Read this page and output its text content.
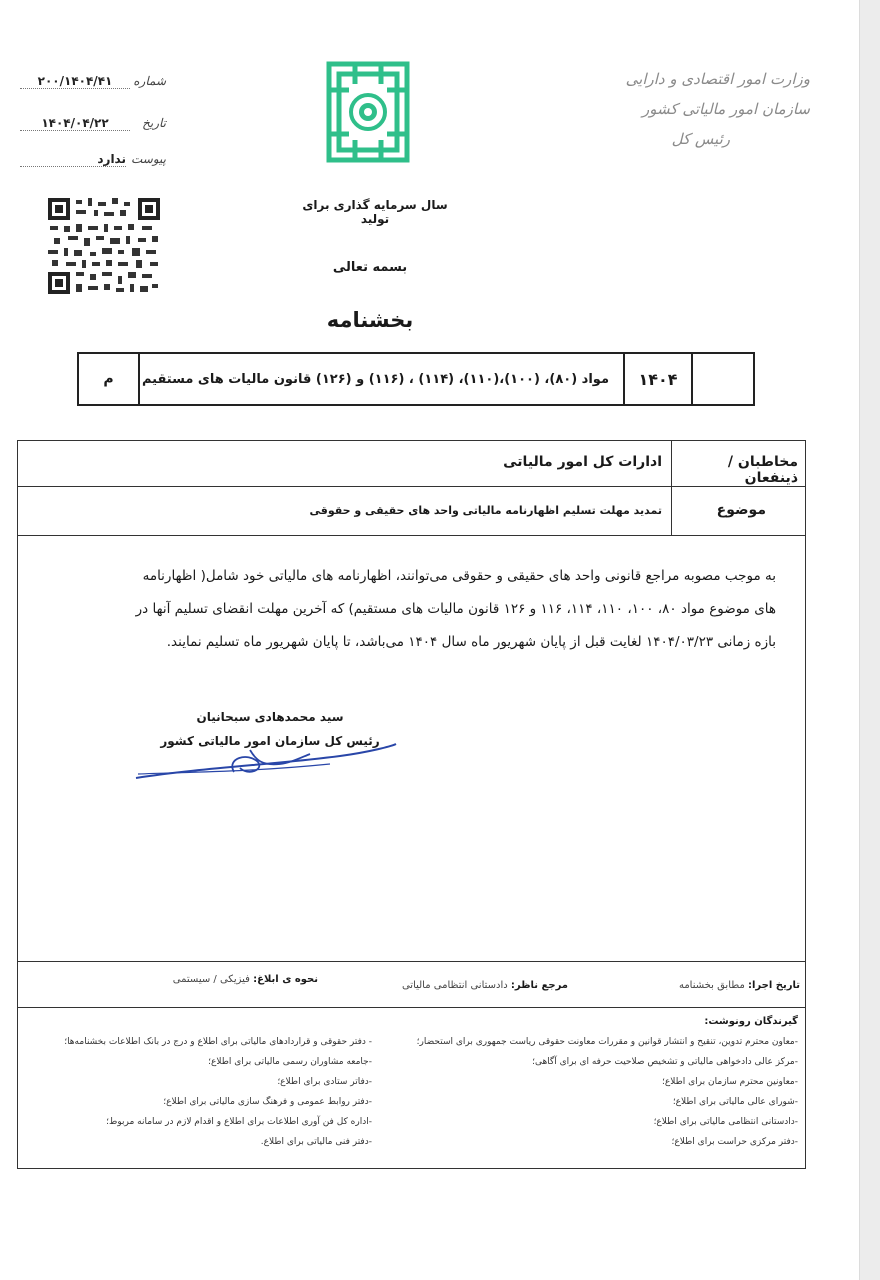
وزارت امور اقتصادی و دارایی
سازمان امور مالیاتی کشور
رئیس کل
شماره
۲۰۰/۱۴۰۴/۴۱
تاریخ
۱۴۰۴/۰۴/۲۲
پیوست
ندارد
سال سرمایه گذاری برای تولید
بسمه تعالی
بخشنامه
م	مواد (۸۰)، (۱۰۰)،(۱۱۰)، (۱۱۴) ، (۱۱۶) و (۱۲۶) قانون مالیات های مستقیم	۱۴۰۴	
مخاطبان / ذینفعان
ادارات کل امور مالیاتی
موضوع
تمدید مهلت تسلیم اظهارنامه مالیاتی واحد های حقیقی و حقوقی
به موجب مصوبه مراجع قانونی واحد های حقیقی و حقوقی می‌توانند، اظهارنامه های مالیاتی خود شامل( اظهارنامه
های موضوع مواد ۸۰، ۱۰۰، ۱۱۰، ۱۱۴، ۱۱۶ و ۱۲۶ قانون مالیات های مستقیم) که آخرین مهلت انقضای تسلیم آنها در
بازه زمانی ۱۴۰۴/۰۳/۲۳ لغایت قبل از پایان شهریور ماه سال ۱۴۰۴ می‌باشد، تا پایان شهریور ماه تسلیم نمایند.
سید محمدهادی سبحانیان
رئیس کل سازمان امور مالیاتی کشور
تاریخ اجرا: مطابق بخشنامه
مرجع ناظر: دادستانی انتظامی مالیاتی
نحوه ی ابلاغ: فیزیکی / سیستمی
گیرندگان رونوشت:
-معاون محترم تدوین، تنقیح و انتشار قوانین و مقررات معاونت حقوقی ریاست جمهوری برای استحضار؛
-مرکز عالی دادخواهی مالیاتی و تشخیص صلاحیت حرفه ای برای آگاهی؛
-معاونین محترم سازمان برای اطلاع؛
-شورای عالی مالیاتی برای اطلاع؛
-دادستانی انتظامی مالیاتی برای اطلاع؛
-دفتر مرکزی حراست برای اطلاع؛
- دفتر حقوقی و قراردادهای مالیاتی برای اطلاع و درج در بانک اطلاعات بخشنامه‌ها؛
-جامعه مشاوران رسمی مالیاتی برای اطلاع؛
-دفاتر ستادی برای اطلاع؛
-دفتر روابط عمومی و فرهنگ سازی مالیاتی برای اطلاع؛
-اداره کل فن آوری اطلاعات برای اطلاع و اقدام لازم در سامانه مربوط؛
-دفتر فنی مالیاتی برای اطلاع.
